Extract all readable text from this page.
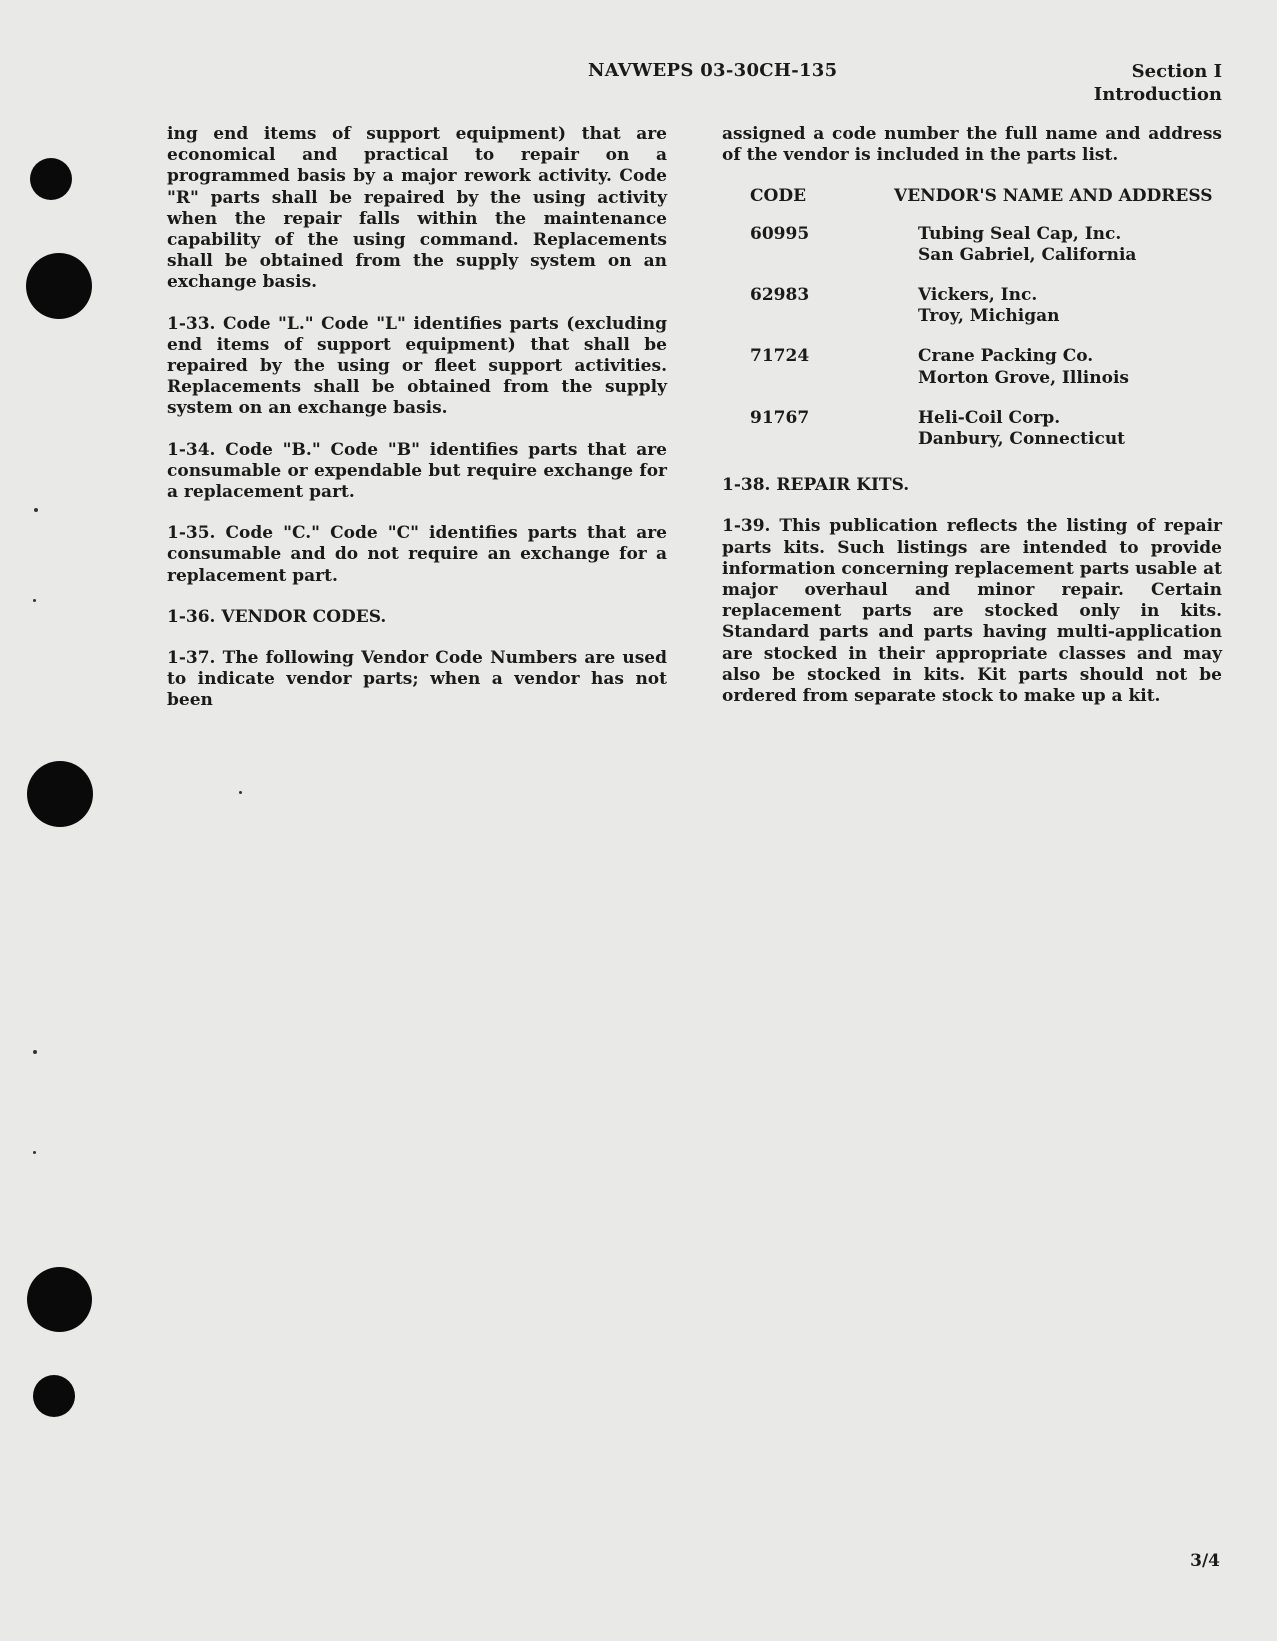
NAVWEPS 03-30CH-135	Section I
Introduction

ing end items of support equipment) that are economical and practical to repair on a programmed basis by a major rework activity. Code "R" parts shall be repaired by the using activity when the repair falls within the maintenance capability of the using command. Replacements shall be obtained from the supply system on an exchange basis.

1-33. Code "L." Code "L" identifies parts (excluding end items of support equipment) that shall be repaired by the using or fleet support activities. Replacements shall be obtained from the supply system on an exchange basis.

1-34. Code "B." Code "B" identifies parts that are consumable or expendable but require exchange for a replacement part.

1-35. Code "C." Code "C" identifies parts that are consumable and do not require an exchange for a replacement part.

1-36. VENDOR CODES.

1-37. The following Vendor Code Numbers are used to indicate vendor parts; when a vendor has not been

assigned a code number the full name and address of the vendor is included in the parts list.

CODE	VENDOR'S NAME AND ADDRESS
60995	Tubing Seal Cap, Inc.
San Gabriel, California

62983	Vickers, Inc.
Troy, Michigan

71724	Crane Packing Co.
Morton Grove, Illinois

91767	Heli-Coil Corp.
Danbury, Connecticut

1-38. REPAIR KITS.

1-39. This publication reflects the listing of repair parts kits. Such listings are intended to provide information concerning replacement parts usable at major overhaul and minor repair. Certain replacement parts are stocked only in kits. Standard parts and parts having multi-application are stocked in their appropriate classes and may also be stocked in kits. Kit parts should not be ordered from separate stock to make up a kit.

3/4
